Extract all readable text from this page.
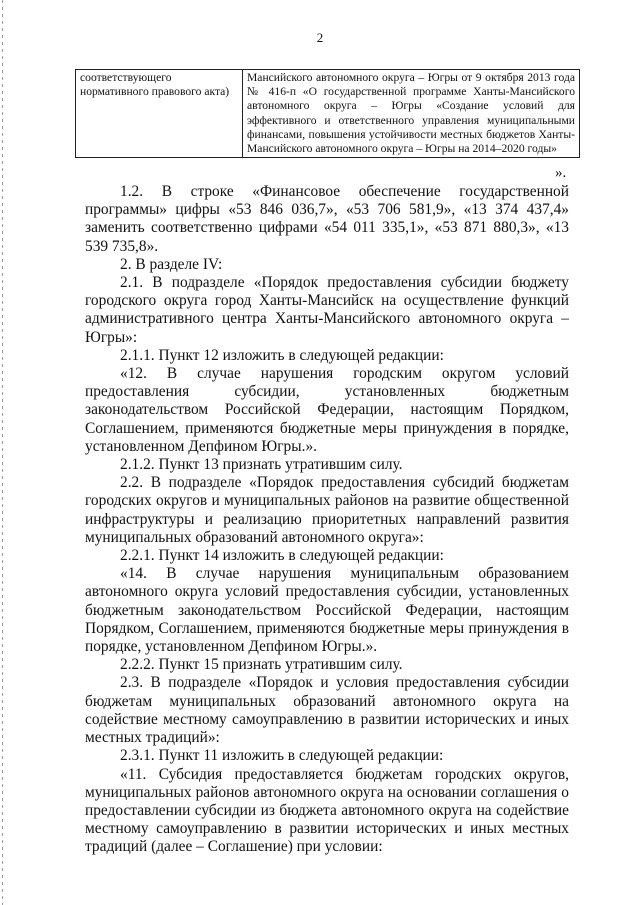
2
соответствующего нормативного правового акта)	Мансийского автономного округа – Югры от 9 октября 2013 года № 416-п «О государственной программе Ханты-Мансийского автономного округа – Югры «Создание условий для эффективного и ответственного управления муниципальными финансами, повышения устойчивости местных бюджетов Ханты-Мансийского автономного округа – Югры на 2014–2020 годы»
».

1.2. В строке «Финансовое обеспечение государственной программы» цифры «53 846 036,7», «53 706 581,9», «13 374 437,4» заменить соответственно цифрами «54 011 335,1», «53 871 880,3», «13 539 735,8».

2. В разделе IV:

2.1. В подразделе «Порядок предоставления субсидии бюджету городского округа город Ханты-Мансийск на осуществление функций административного центра Ханты-Мансийского автономного округа – Югры»:

2.1.1. Пункт 12 изложить в следующей редакции:

«12. В случае нарушения городским округом условий предоставления субсидии, установленных бюджетным законодательством Российской Федерации, настоящим Порядком, Соглашением, применяются бюджетные меры принуждения в порядке, установленном Депфином Югры.».

2.1.2. Пункт 13 признать утратившим силу.

2.2. В подразделе «Порядок предоставления субсидий бюджетам городских округов и муниципальных районов на развитие общественной инфраструктуры и реализацию приоритетных направлений развития муниципальных образований автономного округа»:

2.2.1. Пункт 14 изложить в следующей редакции:

«14. В случае нарушения муниципальным образованием автономного округа условий предоставления субсидии, установленных бюджетным законодательством Российской Федерации, настоящим Порядком, Соглашением, применяются бюджетные меры принуждения в порядке, установленном Депфином Югры.».

2.2.2. Пункт 15 признать утратившим силу.

2.3. В подразделе «Порядок и условия предоставления субсидии бюджетам муниципальных образований автономного округа на содействие местному самоуправлению в развитии исторических и иных местных традиций»:

2.3.1. Пункт 11 изложить в следующей редакции:

«11. Субсидия предоставляется бюджетам городских округов, муниципальных районов автономного округа на основании соглашения о предоставлении субсидии из бюджета автономного округа на содействие местному самоуправлению в развитии исторических и иных местных традиций (далее – Соглашение) при условии:
